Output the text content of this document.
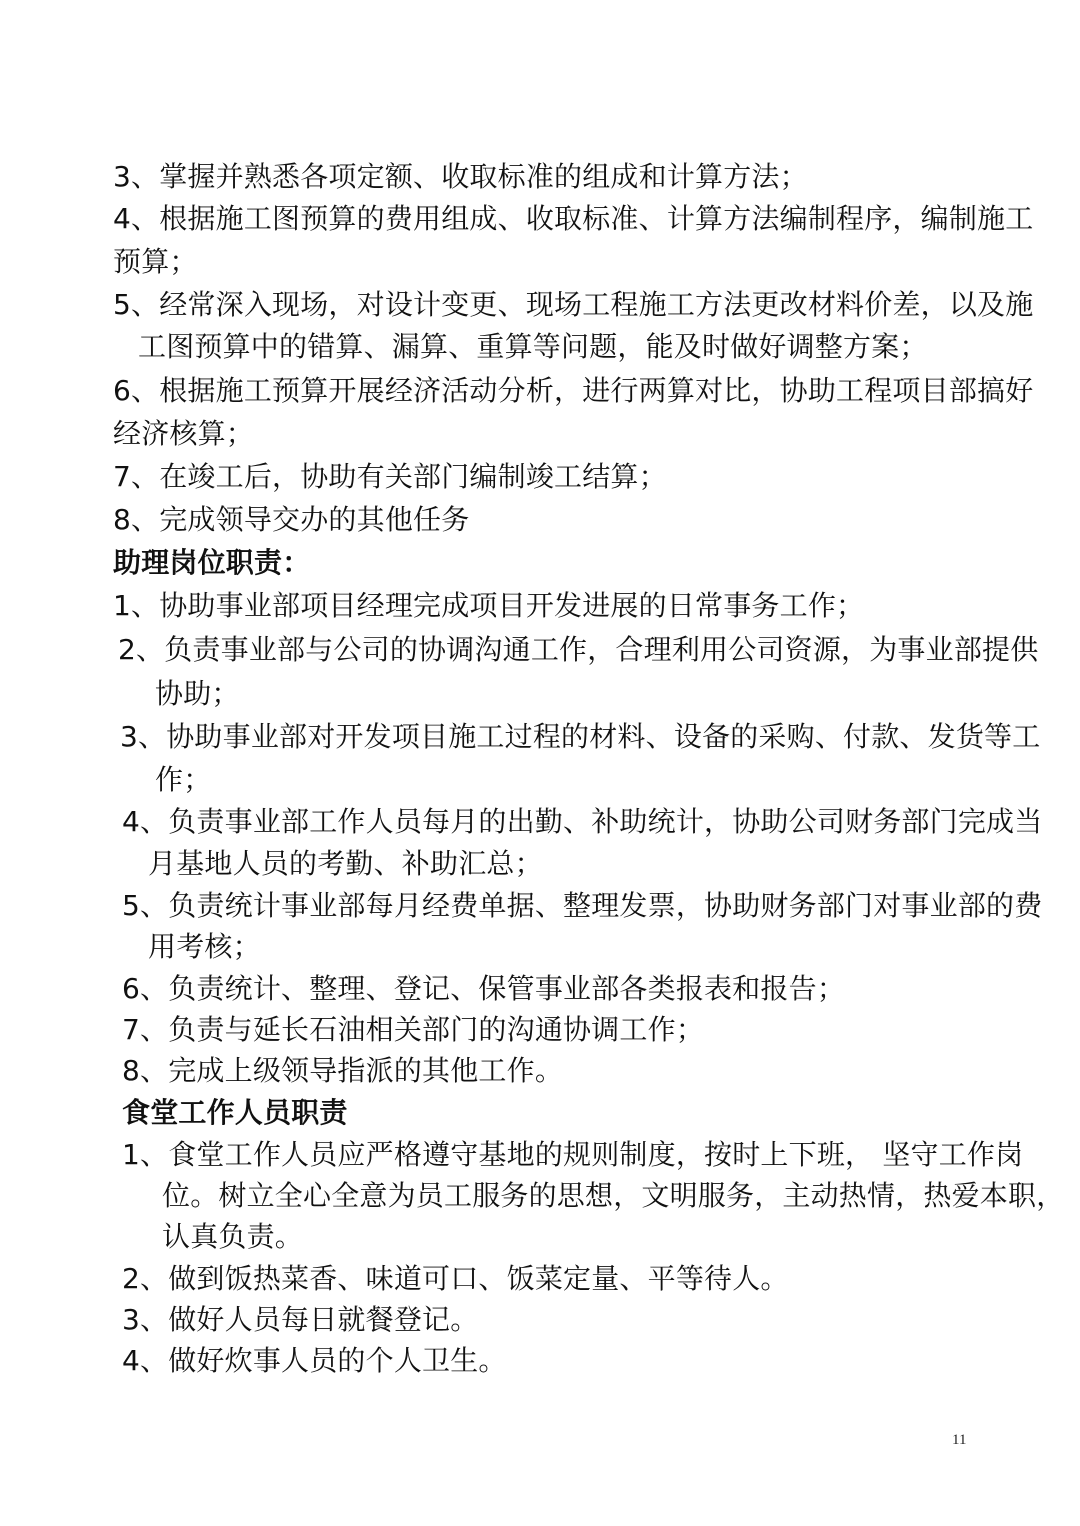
3、掌握并熟悉各项定额、收取标准的组成和计算方法；

4、根据施工图预算的费用组成、收取标准、计算方法编制程序，编制施工

预算；

5、经常深入现场，对设计变更、现场工程施工方法更改材料价差，以及施

工图预算中的错算、漏算、重算等问题，能及时做好调整方案；

6、根据施工预算开展经济活动分析，进行两算对比，协助工程项目部搞好

经济核算；

7、在竣工后，协助有关部门编制竣工结算；

8、完成领导交办的其他任务

助理岗位职责：

1、协助事业部项目经理完成项目开发进展的日常事务工作；

2、负责事业部与公司的协调沟通工作，合理利用公司资源，为事业部提供

协助；

3、协助事业部对开发项目施工过程的材料、设备的采购、付款、发货等工

作；

4、负责事业部工作人员每月的出勤、补助统计，协助公司财务部门完成当

月基地人员的考勤、补助汇总；

5、负责统计事业部每月经费单据、整理发票，协助财务部门对事业部的费

用考核；

6、负责统计、整理、登记、保管事业部各类报表和报告；

7、负责与延长石油相关部门的沟通协调工作；

8、完成上级领导指派的其他工作。

食堂工作人员职责

1、食堂工作人员应严格遵守基地的规则制度，按时上下班， 坚守工作岗

位。树立全心全意为员工服务的思想，文明服务，主动热情，热爱本职，

认真负责。

2、做到饭热菜香、味道可口、饭菜定量、平等待人。

3、做好人员每日就餐登记。

4、做好炊事人员的个人卫生。

11
